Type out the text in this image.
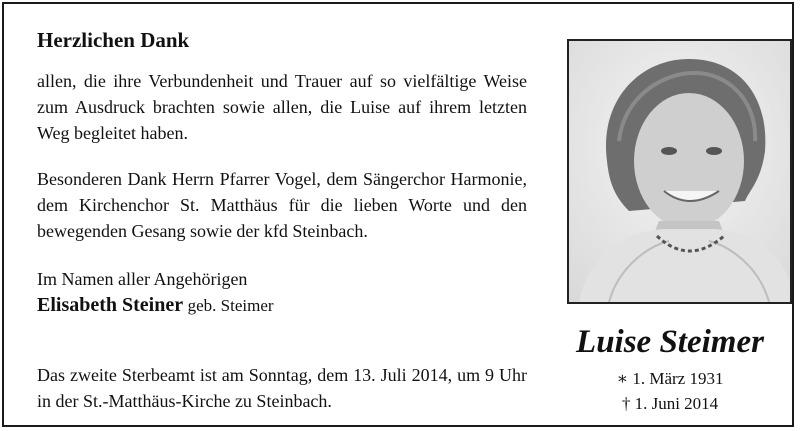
Herzlichen Dank

allen, die ihre Verbundenheit und Trauer auf so vielfältige Weise zum Ausdruck brachten sowie allen, die Luise auf ihrem letzten Weg begleitet haben.

Besonderen Dank Herrn Pfarrer Vogel, dem Sängerchor Harmonie, dem Kirchenchor St. Matthäus für die lieben Worte und den bewegenden Gesang sowie der kfd Steinbach.

Im Namen aller Angehörigen
Elisabeth Steiner geb. Steimer

Das zweite Sterbeamt ist am Sonntag, dem 13. Juli 2014, um 9 Uhr in der St.-Matthäus-Kirche zu Steinbach.

Luise Steimer
∗ 1. März 1931
† 1. Juni 2014
